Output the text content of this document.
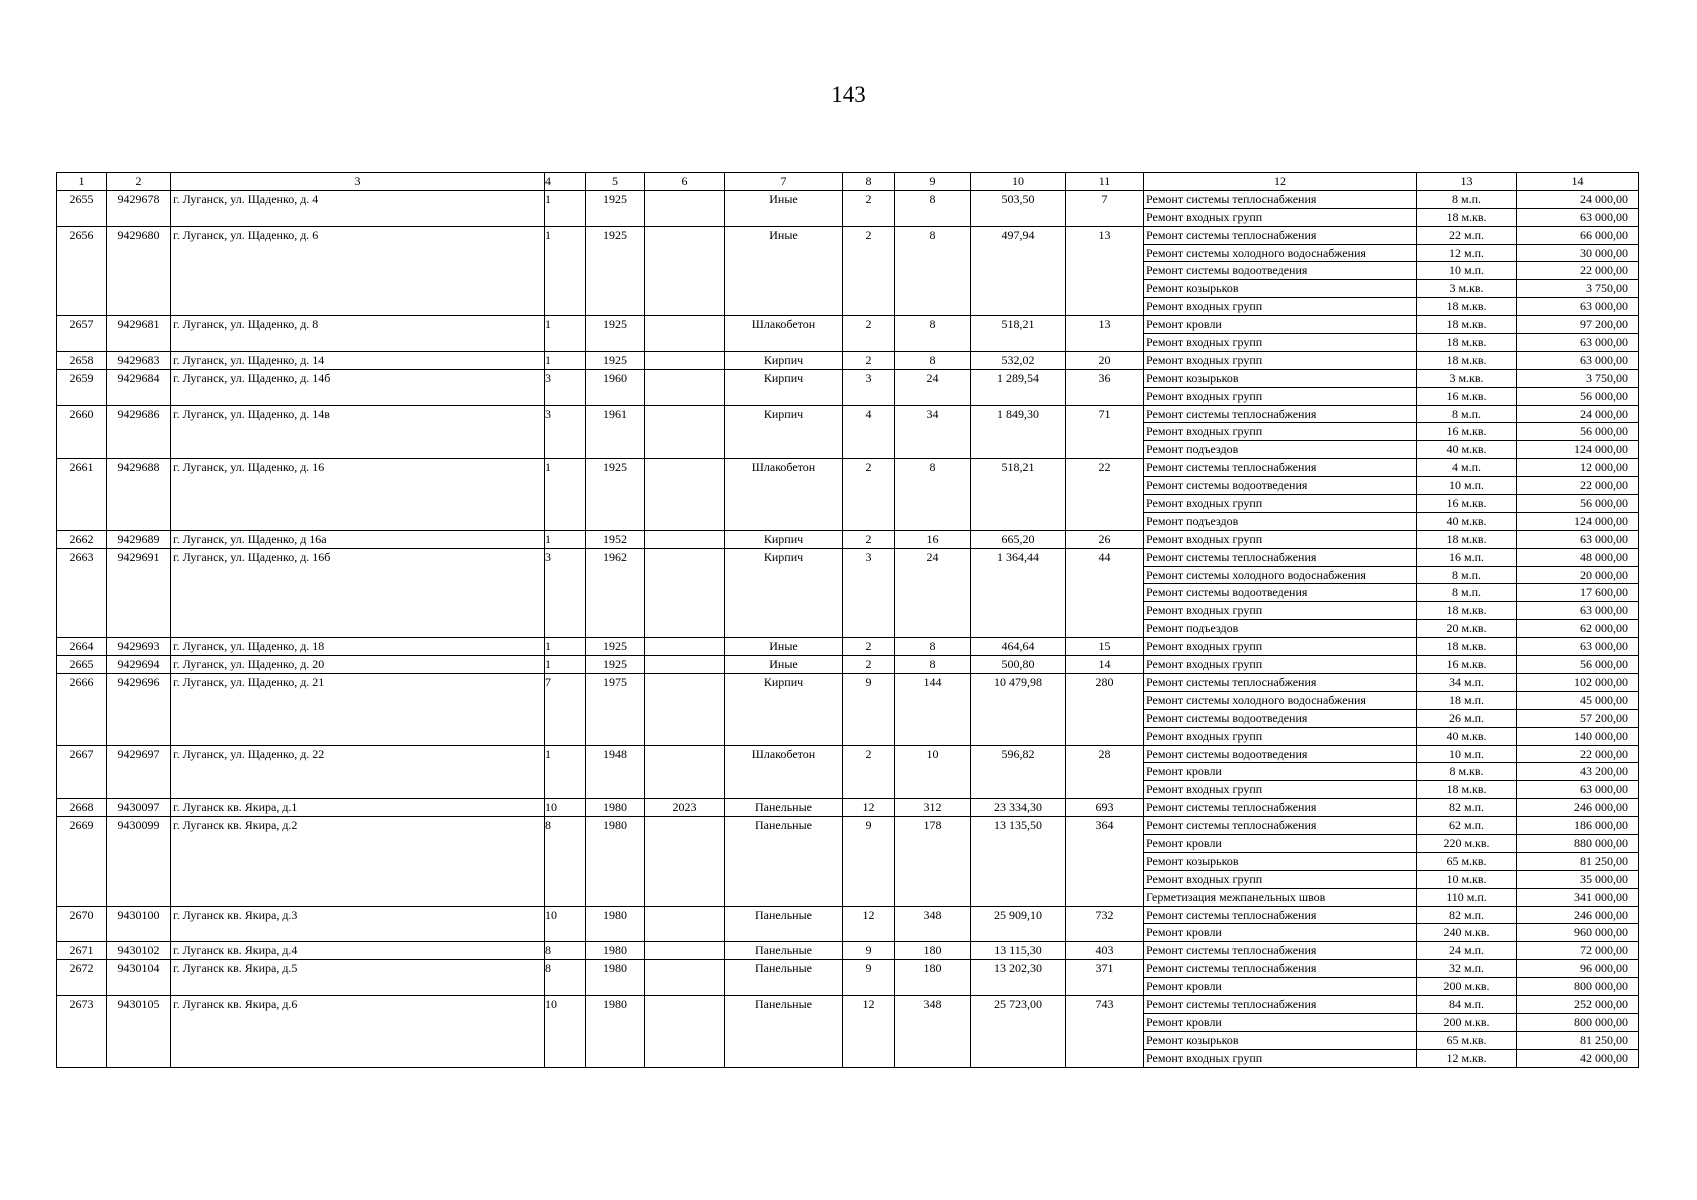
143
1	2	3	4	5	6	7	8	9	10	11	12	13	14
2655	9429678	г. Луганск, ул. Щаденко, д. 4	1	1925		Иные	2	8	503,50	7	Ремонт системы теплоснабжения	8 м.п.	24 000,00
											Ремонт входных групп	18 м.кв.	63 000,00
2656	9429680	г. Луганск, ул. Щаденко, д. 6	1	1925		Иные	2	8	497,94	13	Ремонт системы теплоснабжения	22 м.п.	66 000,00
											Ремонт системы холодного водоснабжения	12 м.п.	30 000,00
											Ремонт системы водоотведения	10 м.п.	22 000,00
											Ремонт козырьков	3 м.кв.	3 750,00
											Ремонт входных групп	18 м.кв.	63 000,00
2657	9429681	г. Луганск, ул. Щаденко, д. 8	1	1925		Шлакобетон	2	8	518,21	13	Ремонт кровли	18 м.кв.	97 200,00
											Ремонт входных групп	18 м.кв.	63 000,00
2658	9429683	г. Луганск, ул. Щаденко, д. 14	1	1925		Кирпич	2	8	532,02	20	Ремонт входных групп	18 м.кв.	63 000,00
2659	9429684	г. Луганск, ул. Щаденко, д. 14б	3	1960		Кирпич	3	24	1 289,54	36	Ремонт козырьков	3 м.кв.	3 750,00
											Ремонт входных групп	16 м.кв.	56 000,00
2660	9429686	г. Луганск, ул. Щаденко, д. 14в	3	1961		Кирпич	4	34	1 849,30	71	Ремонт системы теплоснабжения	8 м.п.	24 000,00
											Ремонт входных групп	16 м.кв.	56 000,00
											Ремонт подъездов	40 м.кв.	124 000,00
2661	9429688	г. Луганск, ул. Щаденко, д. 16	1	1925		Шлакобетон	2	8	518,21	22	Ремонт системы теплоснабжения	4 м.п.	12 000,00
											Ремонт системы водоотведения	10 м.п.	22 000,00
											Ремонт входных групп	16 м.кв.	56 000,00
											Ремонт подъездов	40 м.кв.	124 000,00
2662	9429689	г. Луганск, ул. Щаденко, д 16а	1	1952		Кирпич	2	16	665,20	26	Ремонт входных групп	18 м.кв.	63 000,00
2663	9429691	г. Луганск, ул. Щаденко, д. 16б	3	1962		Кирпич	3	24	1 364,44	44	Ремонт системы теплоснабжения	16 м.п.	48 000,00
											Ремонт системы холодного водоснабжения	8 м.п.	20 000,00
											Ремонт системы водоотведения	8 м.п.	17 600,00
											Ремонт входных групп	18 м.кв.	63 000,00
											Ремонт подъездов	20 м.кв.	62 000,00
2664	9429693	г. Луганск, ул. Щаденко, д. 18	1	1925		Иные	2	8	464,64	15	Ремонт входных групп	18 м.кв.	63 000,00
2665	9429694	г. Луганск, ул. Щаденко, д. 20	1	1925		Иные	2	8	500,80	14	Ремонт входных групп	16 м.кв.	56 000,00
2666	9429696	г. Луганск, ул. Щаденко, д. 21	7	1975		Кирпич	9	144	10 479,98	280	Ремонт системы теплоснабжения	34 м.п.	102 000,00
											Ремонт системы холодного водоснабжения	18 м.п.	45 000,00
											Ремонт системы водоотведения	26 м.п.	57 200,00
											Ремонт входных групп	40 м.кв.	140 000,00
2667	9429697	г. Луганск, ул. Щаденко, д. 22	1	1948		Шлакобетон	2	10	596,82	28	Ремонт системы водоотведения	10 м.п.	22 000,00
											Ремонт кровли	8 м.кв.	43 200,00
											Ремонт входных групп	18 м.кв.	63 000,00
2668	9430097	г. Луганск кв. Якира, д.1	10	1980	2023	Панельные	12	312	23 334,30	693	Ремонт системы теплоснабжения	82 м.п.	246 000,00
2669	9430099	г. Луганск кв. Якира, д.2	8	1980		Панельные	9	178	13 135,50	364	Ремонт системы теплоснабжения	62 м.п.	186 000,00
											Ремонт кровли	220 м.кв.	880 000,00
											Ремонт козырьков	65 м.кв.	81 250,00
											Ремонт входных групп	10 м.кв.	35 000,00
											Герметизация межпанельных швов	110 м.п.	341 000,00
2670	9430100	г. Луганск кв. Якира, д.3	10	1980		Панельные	12	348	25 909,10	732	Ремонт системы теплоснабжения	82 м.п.	246 000,00
											Ремонт кровли	240 м.кв.	960 000,00
2671	9430102	г. Луганск кв. Якира, д.4	8	1980		Панельные	9	180	13 115,30	403	Ремонт системы теплоснабжения	24 м.п.	72 000,00
2672	9430104	г. Луганск кв. Якира, д.5	8	1980		Панельные	9	180	13 202,30	371	Ремонт системы теплоснабжения	32 м.п.	96 000,00
											Ремонт кровли	200 м.кв.	800 000,00
2673	9430105	г. Луганск кв. Якира, д.6	10	1980		Панельные	12	348	25 723,00	743	Ремонт системы теплоснабжения	84 м.п.	252 000,00
											Ремонт кровли	200 м.кв.	800 000,00
											Ремонт козырьков	65 м.кв.	81 250,00
											Ремонт входных групп	12 м.кв.	42 000,00
